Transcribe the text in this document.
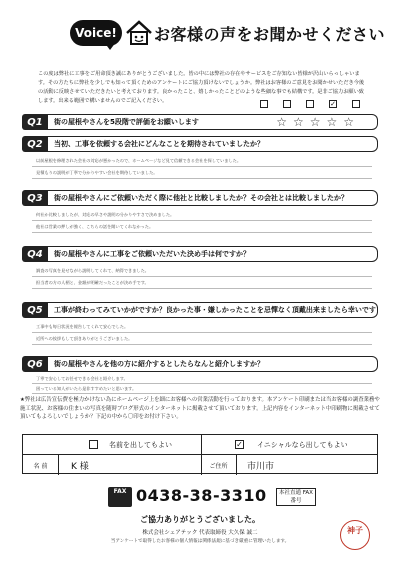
Voice!	お客様の声をお聞かせください
この度は弊社に工事をご用命頂き誠にありがとうございました。皆の中には弊社の存在やサービスをご存知ない皆様が沢山いらっしゃいます。その方たちに弊社を少しでも知って頂くためのアンケートにご協力頂けないでしょうか。弊社はお客様のご意見をお聞かせいただき今後の活動に反映させていただきたいと考えております。良かったこと、嬉しかったことどのような些細な事でも結構です。是非ご協力お願い致します。出来る範囲で構いませんのでご記入ください。	✓
Q1	街の屋根やさんを5段階で評価をお願いします	☆☆☆☆☆
Q2	当初、工事を依頼する会社にどんなことを期待されていましたか？
以前屋根を修理された会社の対応が悪かったので、ホームページなど見て信頼できる会社を探していました。
見積もりの説明が丁寧で分かりやすい会社を期待していました。
Q3	街の屋根やさんにご依頼いただく際に他社と比較しましたか？その会社とは比較しましたか？
何社か比較しましたが、対応の早さや説明の分かりやすさで決めました。
他社は営業の押しが強く、こちらの話を聞いてくれなかった。
Q4	街の屋根やさんに工事をご依頼いただいた決め手は何ですか？
調査の写真を見せながら説明してくれて、納得できました。
担当者の方の人柄と、金額が明確だったことが決め手です。
Q5	工事が終わってみていかがですか？良かった事・嫌しかったことを忌憚なく頂戴出来ましたら幸いです
工事中も毎日状況を報告してくれて安心でした。
近所への挨拶もして頂きありがとうございました。
Q6	街の屋根やさんを他の方に紹介するとしたらなんと紹介しますか？
丁寧で安心してお任せできる会社と紹介します。
困っている知人がいたら是非すすめたいと思います。
★弊社は広告宣伝費を極力かけない為にホームページ上を細にお客様への営業活動を行っております。本アンケート印刷または当お客様の調査業務や施工状況、お客様の住まいの写真を随時ブログ形式のインターネットに掲載させて頂いております。上記内容をインターネット中印刷物に掲載させて頂いてもよろしいでしょうか？下記の中から〇印をお付け下さい。
名前を出してもよい	✓ イニシャルなら出してもよい
名 前	K 様	ご住所	市川市
FAX 0438-38-3310	本社直通 FAX番号
ご協力ありがとうございました。
株式会社シェアテック 代表取締役 大久保 誠二
当アンケートで取得したお客様の個人情報は関係法規に基づき厳重に管理いたします。
神子
